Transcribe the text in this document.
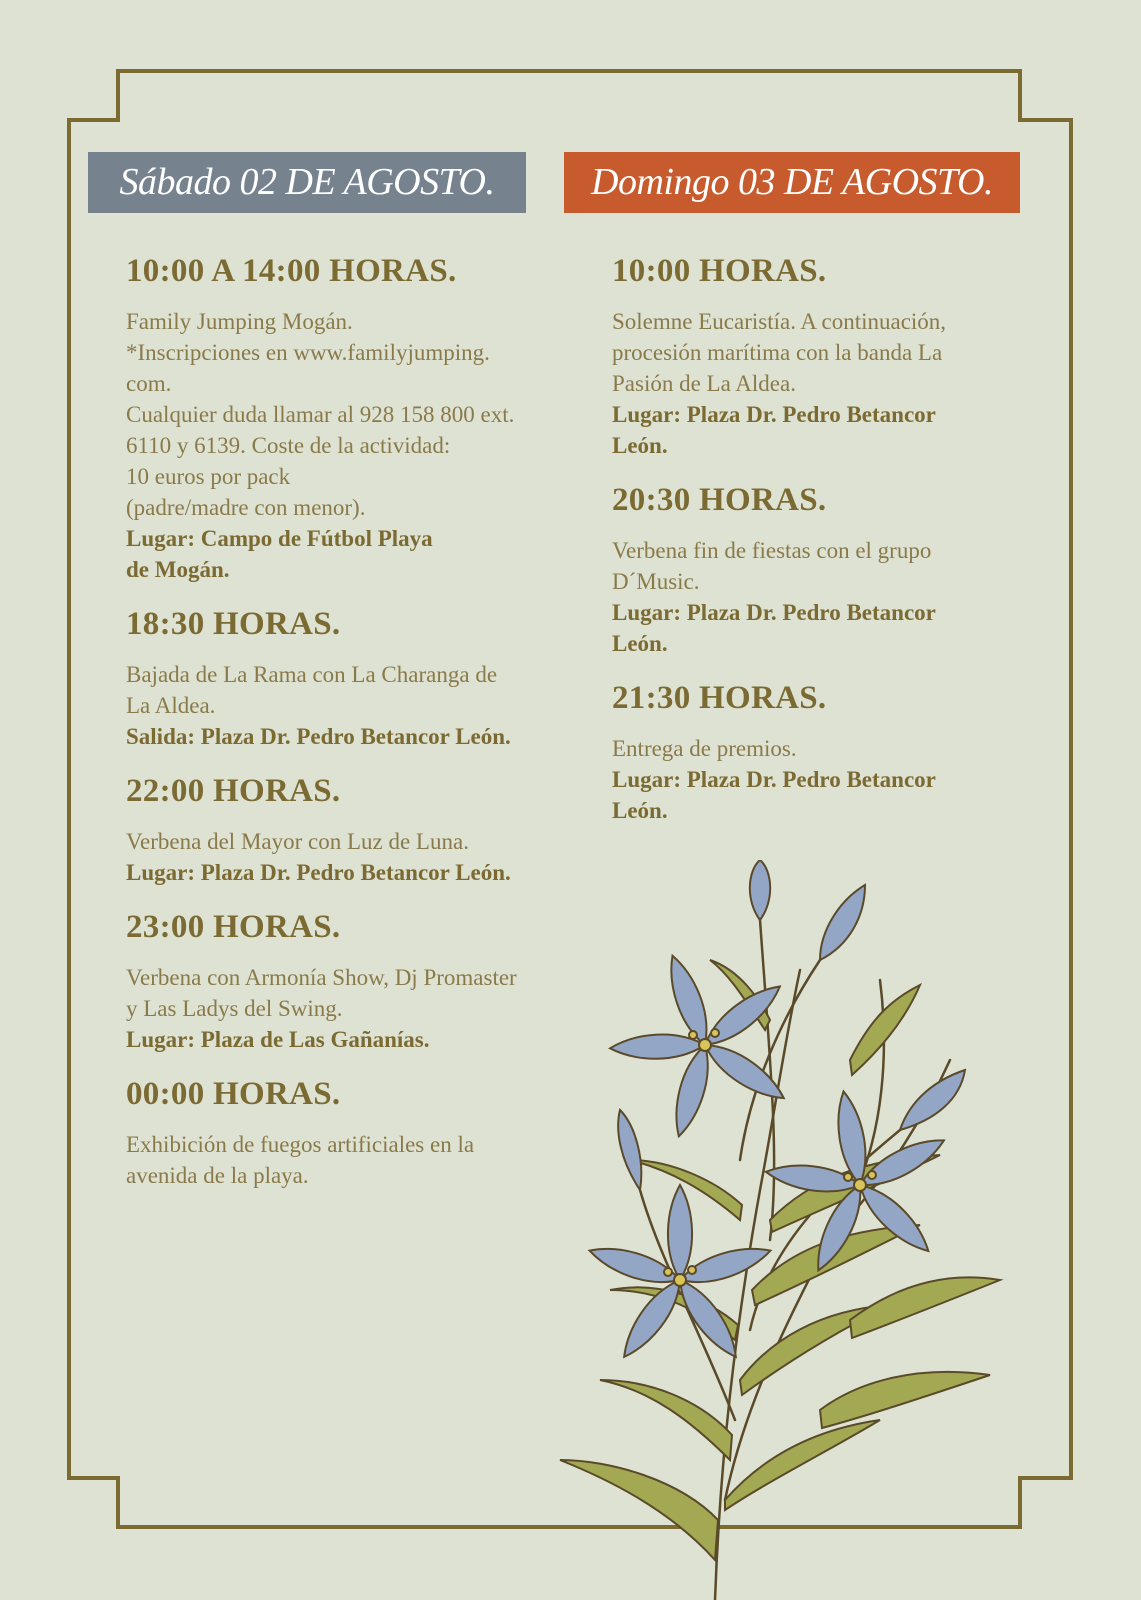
Sábado 02 DE AGOSTO.	Domingo 03 DE AGOSTO.
10:00 A 14:00 HORAS.
Family Jumping Mogán.
*Inscripciones en www.familyjumping.
com.
Cualquier duda llamar al 928 158 800 ext.
6110 y 6139. Coste de la actividad:
10 euros por pack
(padre/madre con menor).
Lugar: Campo de Fútbol Playa
de Mogán.
18:30 HORAS.
Bajada de La Rama con La Charanga de
La Aldea.
Salida: Plaza Dr. Pedro Betancor León.
22:00 HORAS.
Verbena del Mayor con Luz de Luna.
Lugar: Plaza Dr. Pedro Betancor León.
23:00 HORAS.
Verbena con Armonía Show, Dj Promaster
y Las Ladys del Swing.
Lugar: Plaza de Las Gañanías.
00:00 HORAS.
Exhibición de fuegos artificiales en la
avenida de la playa.
10:00 HORAS.
Solemne Eucaristía. A continuación,
procesión marítima con la banda La
Pasión de La Aldea.
Lugar: Plaza Dr. Pedro Betancor
León.
20:30 HORAS.
Verbena fin de fiestas con el grupo
D´Music.
Lugar: Plaza Dr. Pedro Betancor
León.
21:30 HORAS.
Entrega de premios.
Lugar: Plaza Dr. Pedro Betancor
León.
